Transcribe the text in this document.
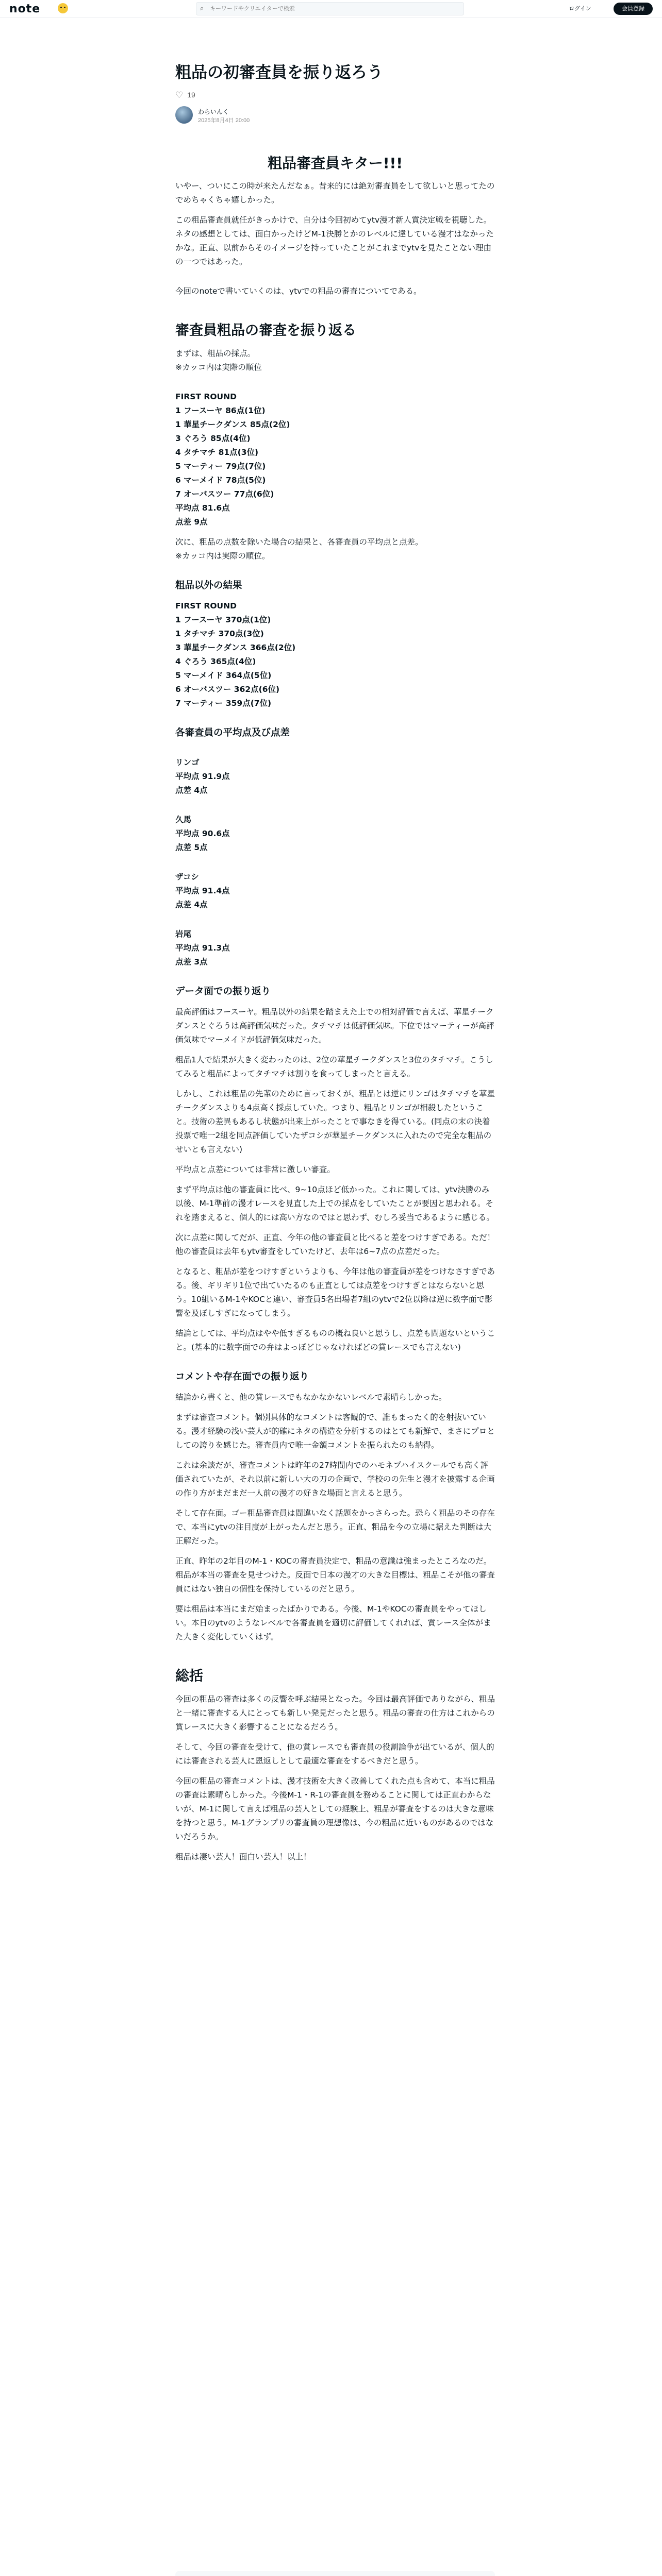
note	⌕
キーワードやクリエイターで検索	ログイン	会員登録
粗品の初審査員を振り返ろう
♡ 19
わらいんく
2025年8月4日 20:00
粗品審査員キター!!!
いやー、ついにこの時が来たんだなぁ。昔来的には絶対審査員をして欲しいと思ってたのでめちゃくちゃ嬉しかった。
この粗品審査員就任がきっかけで、自分は今回初めてytv漫才新人賞決定戦を視聴した。ネタの感想としては、面白かったけどM-1決勝とかのレベルに達している漫才はなかったかな。正直、以前からそのイメージを持っていたことがこれまでytvを見たことない理由の一つではあった。
今回のnoteで書いていくのは、ytvでの粗品の審査についてである。
審査員粗品の審査を振り返る
まずは、粗品の採点。
※カッコ内は実際の順位
FIRST ROUND
1 フースーヤ 86点(1位)
1 華星チークダンス 85点(2位)
3 ぐろう 85点(4位)
4 タチマチ 81点(3位)
5 マーティー 79点(7位)
6 マーメイド 78点(5位)
7 オーバスツー 77点(6位)
平均点 81.6点
点差 9点
次に、粗品の点数を除いた場合の結果と、各審査員の平均点と点差。
※カッコ内は実際の順位。
粗品以外の結果
FIRST ROUND
1 フースーヤ 370点(1位)
1 タチマチ 370点(3位)
3 華星チークダンス 366点(2位)
4 ぐろう 365点(4位)
5 マーメイド 364点(5位)
6 オーバスツー 362点(6位)
7 マーティー 359点(7位)
各審査員の平均点及び点差
リンゴ
平均点 91.9点
点差 4点
久馬
平均点 90.6点
点差 5点
ザコシ
平均点 91.4点
点差 4点
岩尾
平均点 91.3点
点差 3点
データ面での振り返り
最高評価はフースーヤ。粗品以外の結果を踏まえた上での相対評価で言えば、華星チークダンスとぐろうは高評価気味だった。タチマチは低評価気味。下位ではマーティーが高評価気味でマーメイドが低評価気味だった。
粗品1人で結果が大きく変わったのは、2位の華星チークダンスと3位のタチマチ。こうしてみると粗品によってタチマチは割りを食ってしまったと言える。
しかし、これは粗品の先輩のために言っておくが、粗品とは逆にリンゴはタチマチを華星チークダンスよりも4点高く採点していた。つまり、粗品とリンゴが相殺したということ。技術の差異もあるし状態が出来上がったことで事なきを得ている。(同点の末の決着投票で唯一2組を同点評価していたザコシが華星チークダンスに入れたので完全な粗品のせいとも言えない)
平均点と点差については非常に激しい審査。
まず平均点は他の審査員に比べ、9~10点ほど低かった。これに関しては、ytv決勝のみ以後、M-1準前の漫才レースを見直した上での採点をしていたことが要因と思われる。それを踏まえると、個人的には高い方なのではと思わず、むしろ妥当であるように感じる。
次に点差に関してだが、正直、今年の他の審査員と比べると差をつけすぎである。ただ！他の審査員は去年もytv審査をしていたけど、去年は6~7点の点差だった。
となると、粗品が差をつけすぎというよりも、今年は他の審査員が差をつけなさすぎである。後、ギリギリ1位で出ていたるのも正直としては点差をつけすぎとはならないと思う。10組いるM-1やKOCと違い、審査員5名出場者7組のytvで2位以降は逆に数字面で影響を及ぼしすぎになってしまう。
結論としては、平均点はやや低すぎるものの概ね良いと思うし、点差も問題ないということ。(基本的に数字面での弁はよっぽどじゃなければどの賞レースでも言えない)
コメントや存在面での振り返り
結論から書くと、他の賞レースでもなかなかないレベルで素晴らしかった。
まずは審査コメント。個別具体的なコメントは客観的で、誰もまったく的を射抜いている。漫才経験の浅い芸人が的確にネタの構造を分析するのはとても新鮮で、まさにプロとしての誇りを感じた。審査員内で唯一金額コメントを振られたのも納得。
これは余談だが、審査コメントは昨年の27時間内でのハモネプハイスクールでも高く評価されていたが、それ以前に新しい大の刀の企画で、学校のの先生と漫才を披露する企画の作り方がまだまだ一人前の漫才の好きな場面と言えると思う。
そして存在面。ゴー粗品審査員は間違いなく話題をかっさらった。恐らく粗品のその存在で、本当にytvの注目度が上がったんだと思う。正直、粗品を今の立場に据えた判断は大正解だった。
正直、昨年の2年目のM-1・KOCの審査員決定で、粗品の意識は強まったところなのだ。粗品が本当の審査を見せつけた。反面で日本の漫才の大きな目標は、粗品こそが他の審査員にはない独自の個性を保持しているのだと思う。
要は粗品は本当にまだ始まったばかりである。今後、M-1やKOCの審査員をやってほしい。本日のytvのようなレベルで各審査員を適切に評価してくれれば、賞レース全体がまた大きく変化していくはず。
総括
今回の粗品の審査は多くの反響を呼ぶ結果となった。今回は最高評価でありながら、粗品と一緒に審査する人にとっても新しい発見だったと思う。粗品の審査の仕方はこれからの賞レースに大きく影響することになるだろう。
そして、今回の審査を受けて、他の賞レースでも審査員の役割論争が出ているが、個人的には審査される芸人に恩返しとして最適な審査をするべきだと思う。
今回の粗品の審査コメントは、漫才技術を大きく改善してくれた点も含めて、本当に粗品の審査は素晴らしかった。今後M-1・R-1の審査員を務めることに関しては正直わからないが、M-1に関して言えば粗品の芸人としての経験上、粗品が審査をするのは大きな意味を持つと思う。M-1グランプリの審査員の理想像は、今の粗品に近いものがあるのではないだろうか。
粗品は凄い芸人！面白い芸人！以上！
